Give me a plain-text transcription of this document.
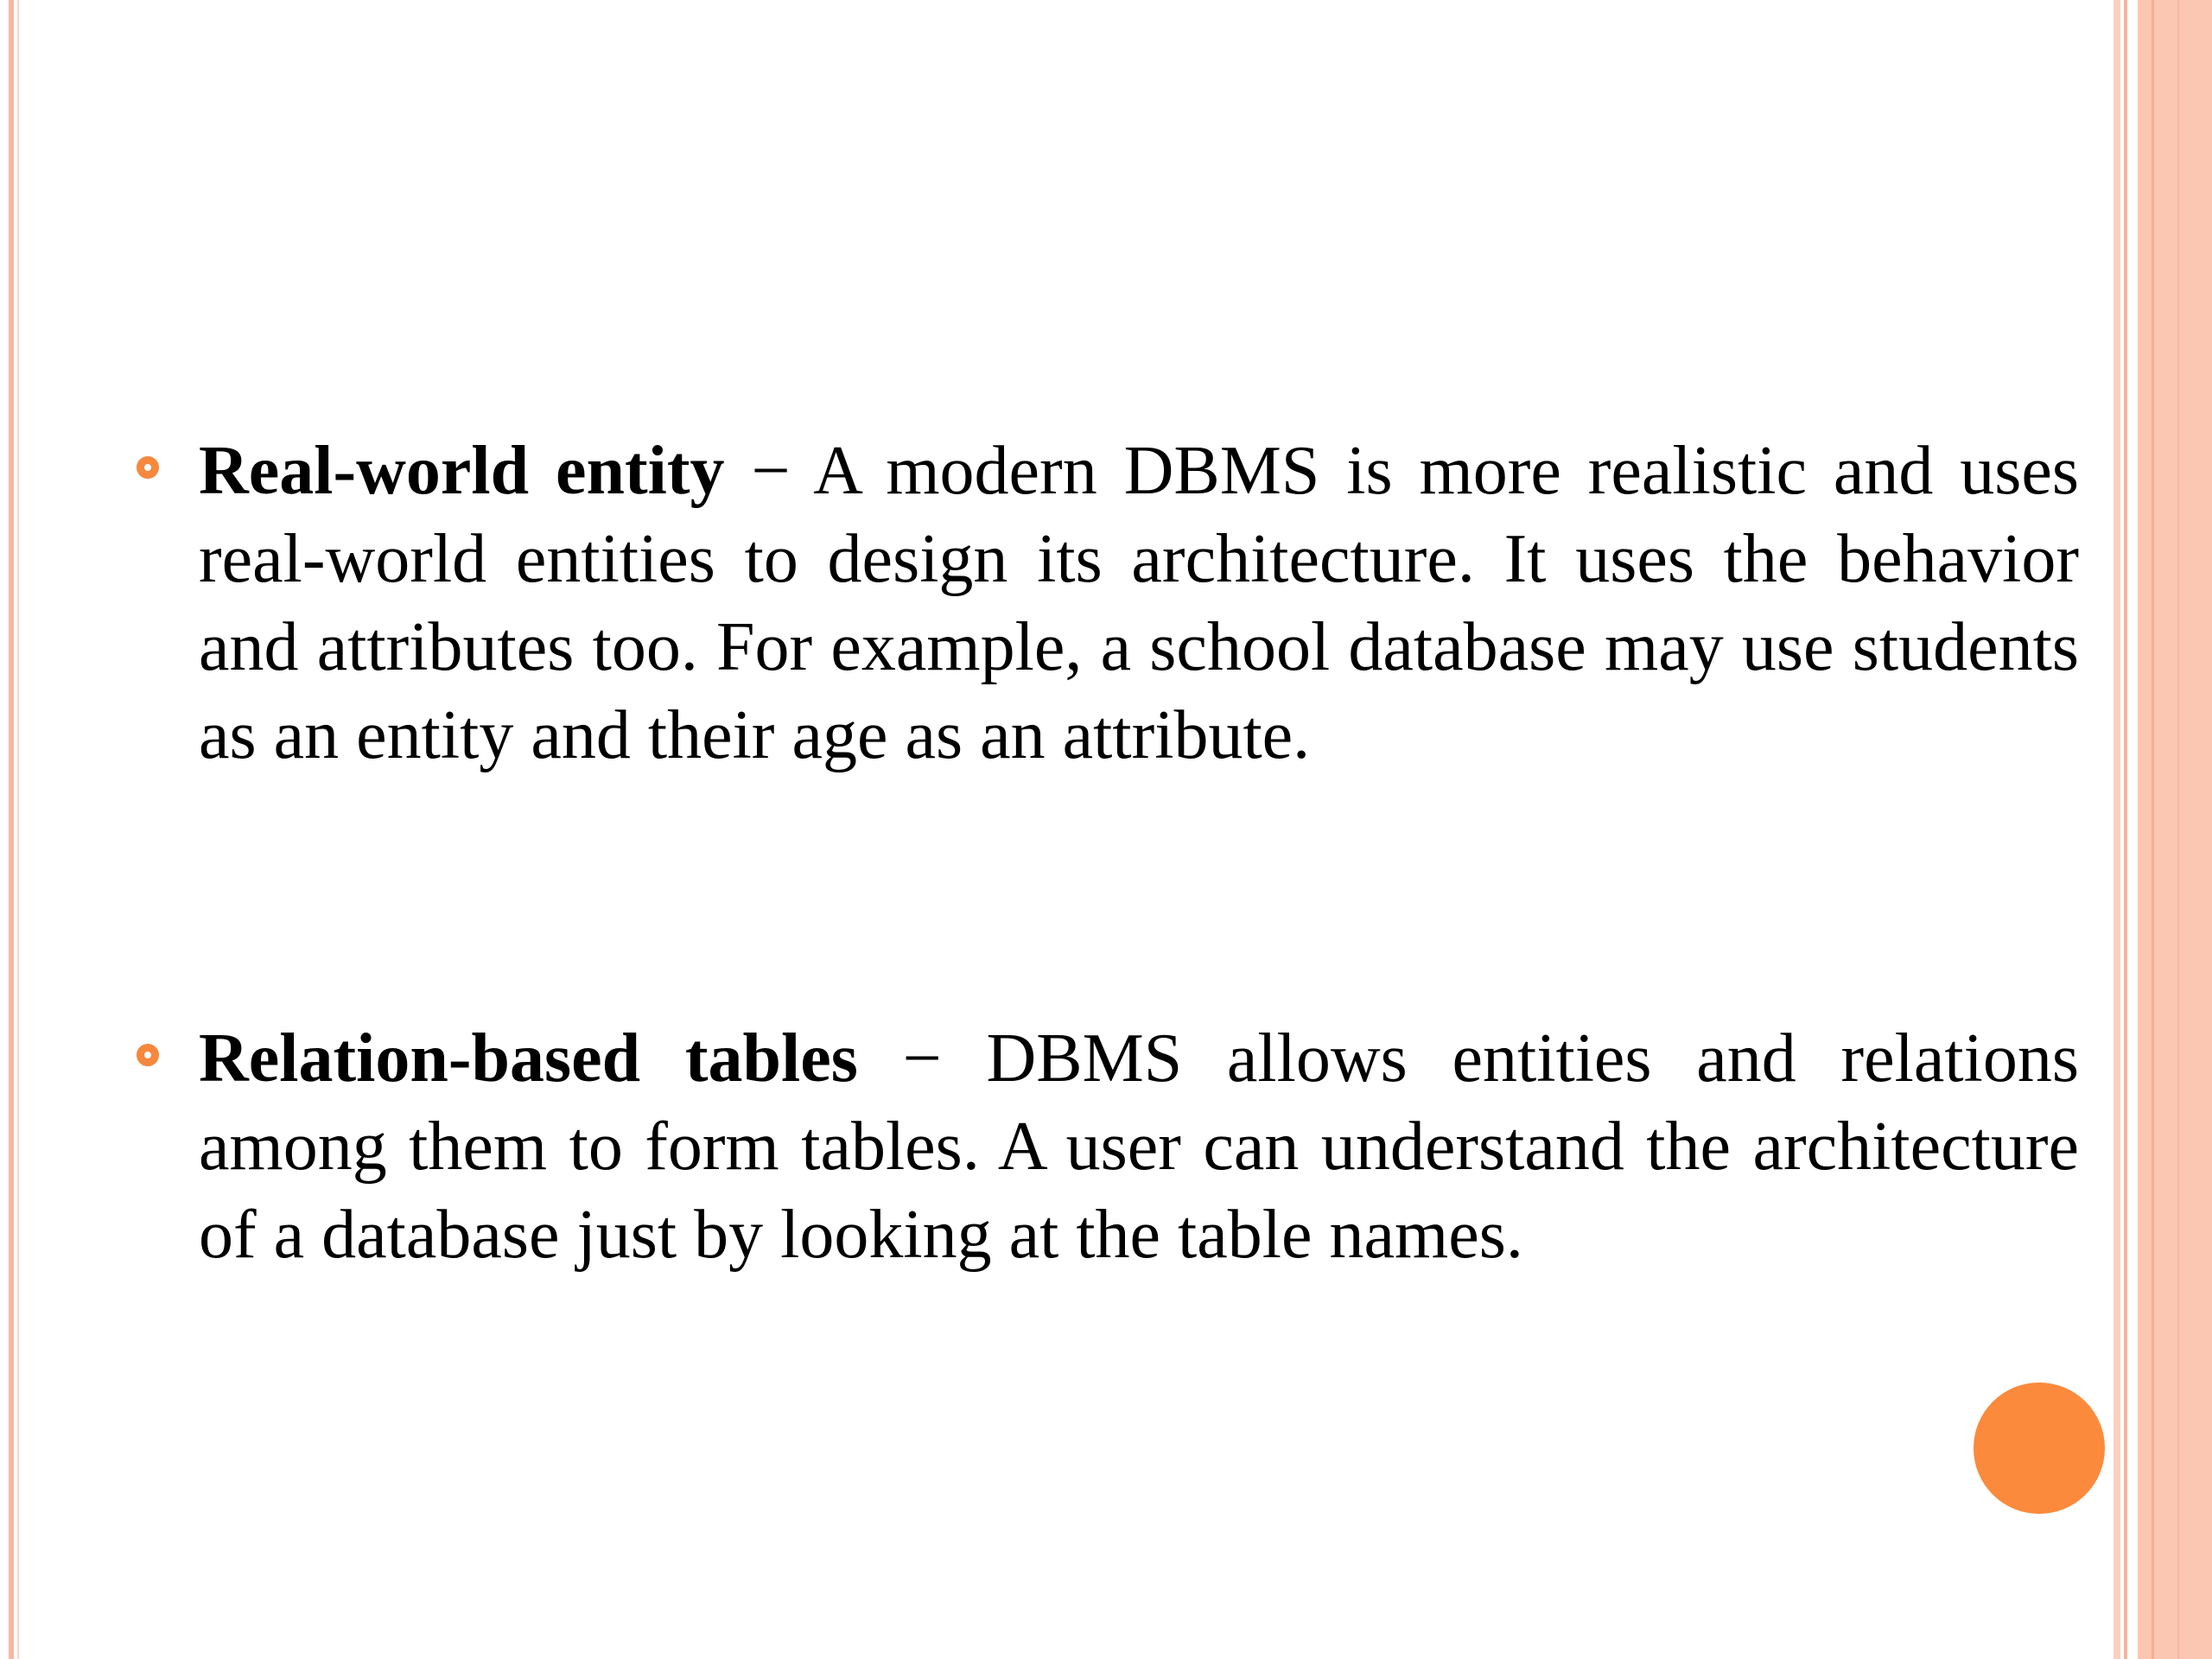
Real-world entity − A modern DBMS is more realistic and uses real-world entities to design its architecture. It uses the behavior and attributes too. For example, a school database may use students as an entity and their age as an attribute.
Relation-based tables − DBMS allows entities and relations among them to form tables. A user can understand the architecture of a database just by looking at the table names.
